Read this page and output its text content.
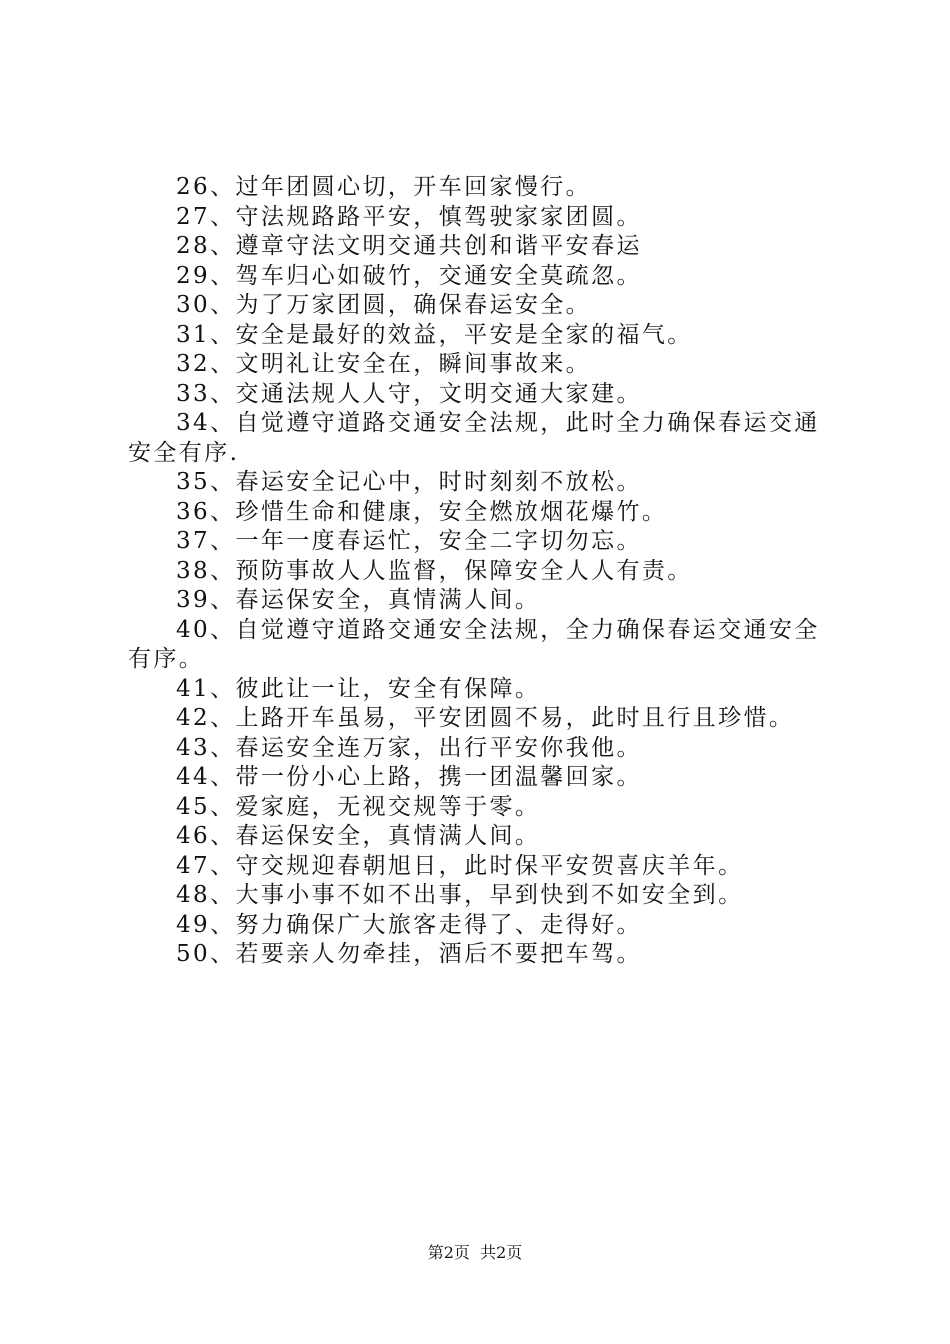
26、过年团圆心切，开车回家慢行。

27、守法规路路平安，慎驾驶家家团圆。

28、遵章守法文明交通共创和谐平安春运

29、驾车归心如破竹，交通安全莫疏忽。

30、为了万家团圆，确保春运安全。

31、安全是最好的效益，平安是全家的福气。

32、文明礼让安全在，瞬间事故来。

33、交通法规人人守，文明交通大家建。

34、自觉遵守道路交通安全法规，此时全力确保春运交通安全有序.

35、春运安全记心中，时时刻刻不放松。

36、珍惜生命和健康，安全燃放烟花爆竹。

37、一年一度春运忙，安全二字切勿忘。

38、预防事故人人监督，保障安全人人有责。

39、春运保安全，真情满人间。

40、自觉遵守道路交通安全法规，全力确保春运交通安全有序。

41、彼此让一让，安全有保障。

42、上路开车虽易，平安团圆不易，此时且行且珍惜。

43、春运安全连万家，出行平安你我他。

44、带一份小心上路，携一团温馨回家。

45、爱家庭，无视交规等于零。

46、春运保安全，真情满人间。

47、守交规迎春朝旭日，此时保平安贺喜庆羊年。

48、大事小事不如不出事，早到快到不如安全到。

49、努力确保广大旅客走得了、走得好。

50、若要亲人勿牵挂，酒后不要把车驾。

第2页  共2页
